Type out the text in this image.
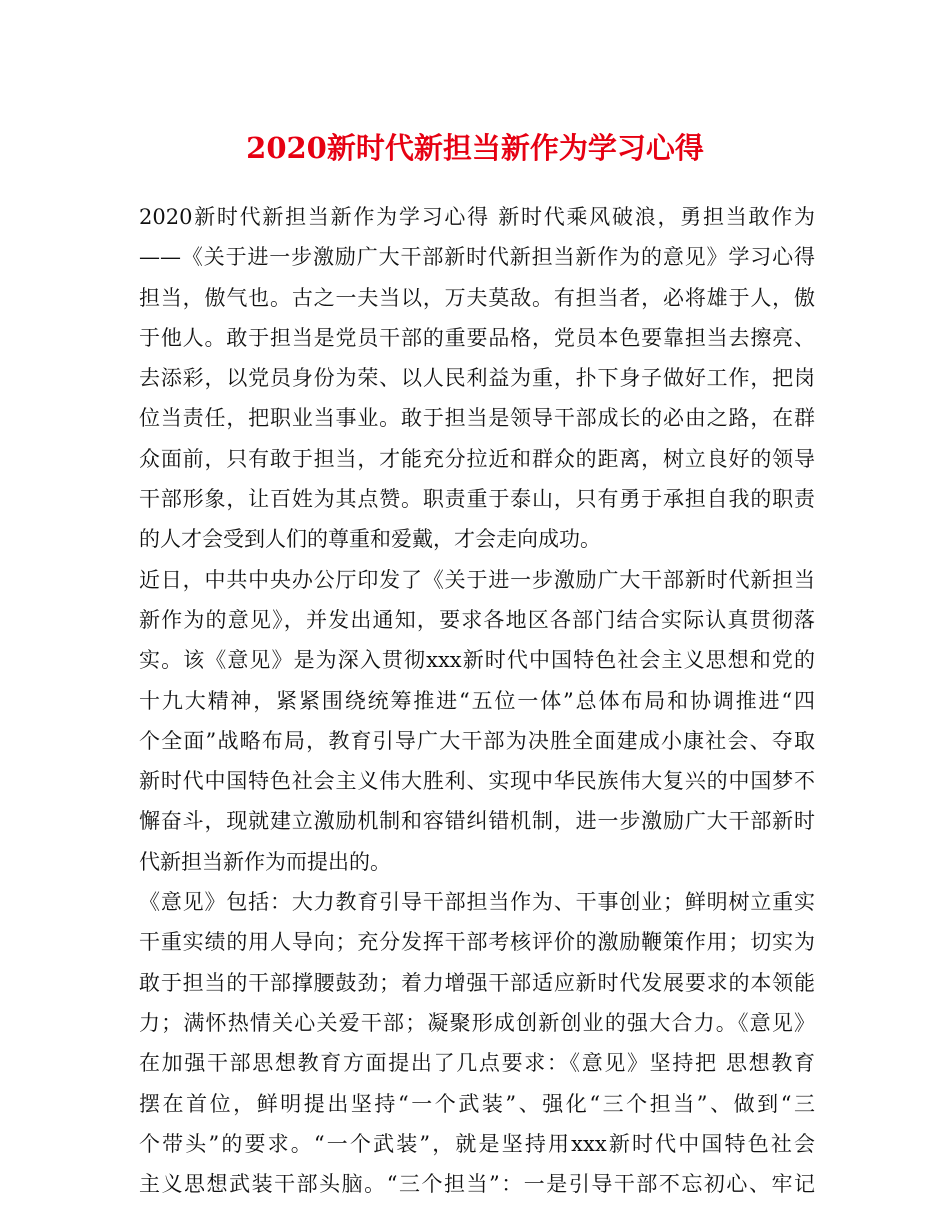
2020新时代新担当新作为学习心得

2020新时代新担当新作为学习心得 新时代乘风破浪，勇担当敢作为
——《关于进一步激励广大干部新时代新担当新作为的意见》学习心得
担当，傲气也。古之一夫当以，万夫莫敌。有担当者，必将雄于人，傲
于他人。敢于担当是党员干部的重要品格，党员本色要靠担当去擦亮、
去添彩，以党员身份为荣、以人民利益为重，扑下身子做好工作，把岗
位当责任，把职业当事业。敢于担当是领导干部成长的必由之路，在群
众面前，只有敢于担当，才能充分拉近和群众的距离，树立良好的领导
干部形象，让百姓为其点赞。职责重于泰山，只有勇于承担自我的职责
的人才会受到人们的尊重和爱戴，才会走向成功。

近日，中共中央办公厅印发了《关于进一步激励广大干部新时代新担当
新作为的意见》，并发出通知，要求各地区各部门结合实际认真贯彻落
实。该《意见》是为深入贯彻xxx新时代中国特色社会主义思想和党的
十九大精神，紧紧围绕统筹推进“五位一体”总体布局和协调推进“四
个全面”战略布局，教育引导广大干部为决胜全面建成小康社会、夺取
新时代中国特色社会主义伟大胜利、实现中华民族伟大复兴的中国梦不
懈奋斗，现就建立激励机制和容错纠错机制，进一步激励广大干部新时
代新担当新作为而提出的。

《意见》包括：大力教育引导干部担当作为、干事创业；鲜明树立重实
干重实绩的用人导向；充分发挥干部考核评价的激励鞭策作用；切实为
敢于担当的干部撑腰鼓劲；着力增强干部适应新时代发展要求的本领能
力；满怀热情关心关爱干部；凝聚形成创新创业的强大合力。《意见》
在加强干部思想教育方面提出了几点要求：《意见》坚持把 思想教育
摆在首位，鲜明提出坚持“一个武装”、强化“三个担当”、做到“三
个带头”的要求。“一个武装”，就是坚持用xxx新时代中国特色社会
主义思想武装干部头脑。“三个担当”：一是引导干部不忘初心、牢记
